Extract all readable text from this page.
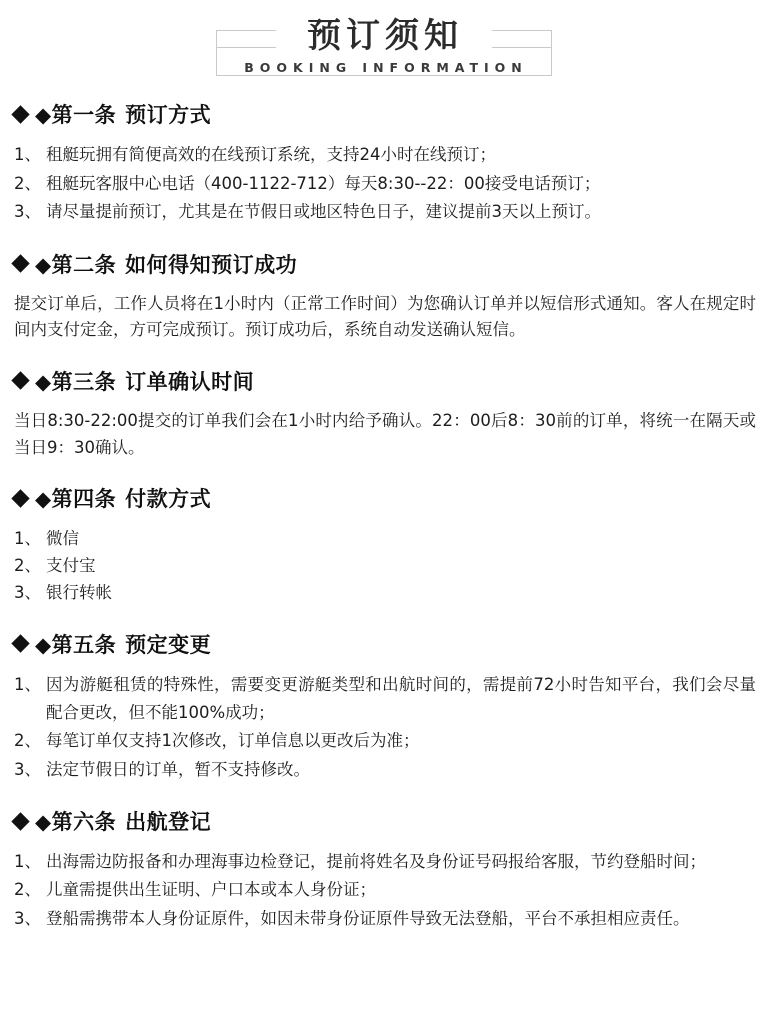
预订须知
BOOKING INFORMATION
◆第一条 预订方式
1、 租艇玩拥有简便高效的在线预订系统，支持24小时在线预订；
2、 租艇玩客服中心电话（400-1122-712）每天8:30--22：00接受电话预订；
3、 请尽量提前预订，尤其是在节假日或地区特色日子，建议提前3天以上预订。
◆第二条 如何得知预订成功

提交订单后，工作人员将在1小时内（正常工作时间）为您确认订单并以短信形式通知。客人在规定时间内支付定金，方可完成预订。预订成功后，系统自动发送确认短信。

◆第三条 订单确认时间

当日8:30-22:00提交的订单我们会在1小时内给予确认。22：00后8：30前的订单，将统一在隔天或当日9：30确认。

◆第四条 付款方式
1、 微信
2、 支付宝
3、 银行转帐
◆第五条 预定变更
1、 因为游艇租赁的特殊性，需要变更游艇类型和出航时间的，需提前72小时告知平台，我们会尽量配合更改，但不能100%成功；
2、 每笔订单仅支持1次修改，订单信息以更改后为准；
3、 法定节假日的订单，暂不支持修改。
◆第六条 出航登记
1、 出海需边防报备和办理海事边检登记，提前将姓名及身份证号码报给客服，节约登船时间；
2、 儿童需提供出生证明、户口本或本人身份证；
3、 登船需携带本人身份证原件，如因未带身份证原件导致无法登船，平台不承担相应责任。
